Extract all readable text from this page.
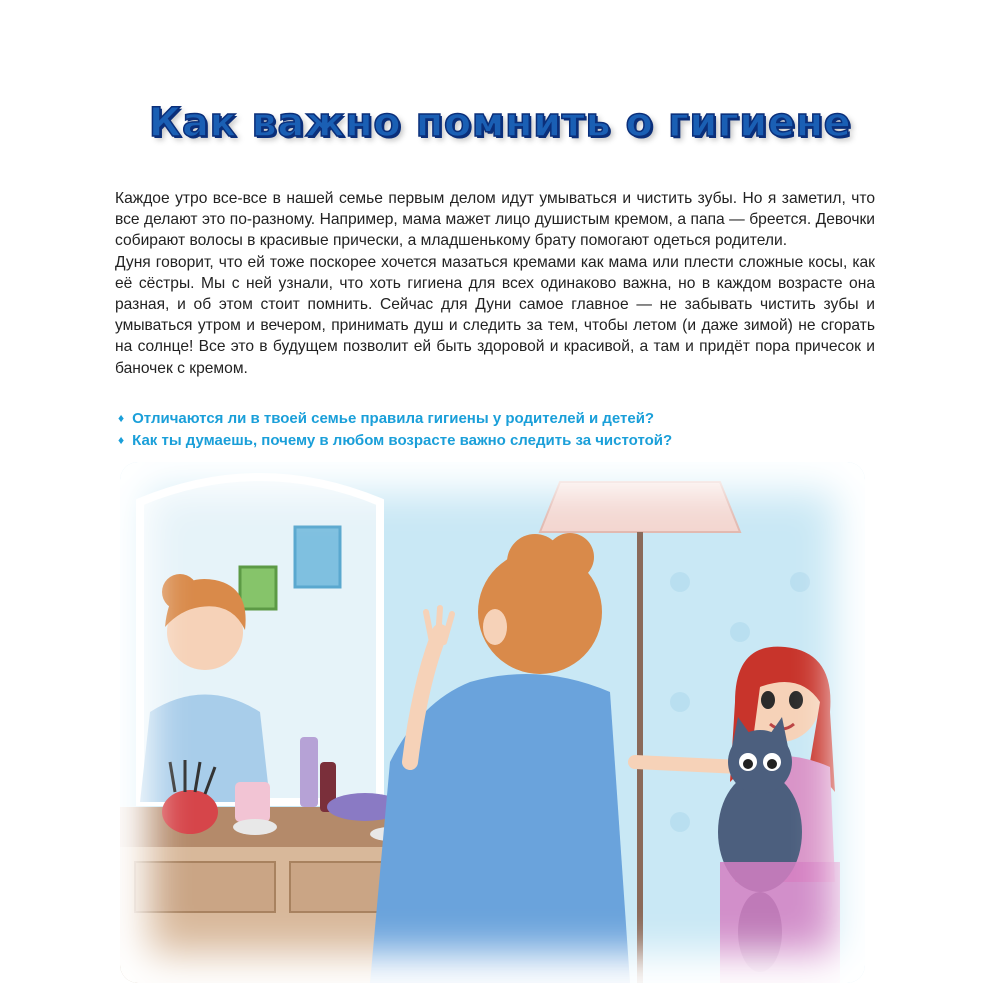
Как важно помнить о гигиене

Каждое утро все-все в нашей семье первым делом идут умываться и чистить зубы. Но я заметил, что все делают это по-разному. Например, мама мажет лицо душистым кремом, а папа — бреется. Девочки собирают волосы в красивые прически, а младшенькому брату помогают одеться родители.

Дуня говорит, что ей тоже поскорее хочется мазаться кремами как мама или плести сложные косы, как её сёстры. Мы с ней узнали, что хоть гигиена для всех одинаково важна, но в каждом возрасте она разная, и об этом стоит помнить. Сейчас для Дуни самое главное — не забывать чистить зубы и умываться утром и вечером, принимать душ и следить за тем, чтобы летом (и даже зимой) не сгорать на солнце! Все это в будущем позволит ей быть здоровой и красивой, а там и придёт пора причесок и баночек с кремом.

♦ Отличаются ли в твоей семье правила гигиены у родителей и детей?
♦ Как ты думаешь, почему в любом возрасте важно следить за чистотой?
